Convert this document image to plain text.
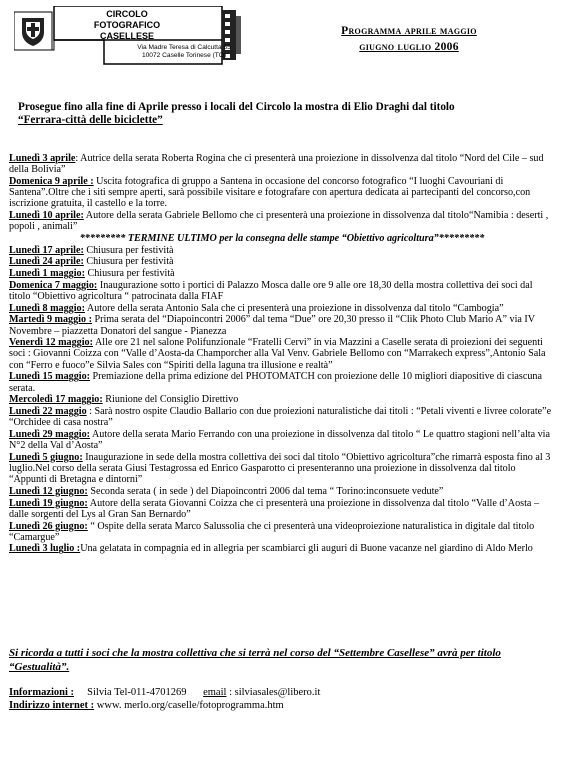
CIRCOLO
FOTOGRAFICO
CASELLESE
Via Madre Teresa di Calcutta 55
10072 Caselle Torinese (TO)
Programma aprile maggio
giugno luglio 2006
Prosegue fino alla fine di Aprile presso i locali del Circolo la mostra di Elio Draghi dal titolo
“Ferrara-città delle biciclette”
Lunedì 3 aprile: Autrice della serata Roberta Rogina che ci presenterà una proiezione in dissolvenza dal titolo “Nord del Cile – sud della Bolivia”
Domenica 9 aprile : Uscita fotografica di gruppo a Santena in occasione del concorso fotografico “I luoghi Cavouriani di Santena”.Oltre che i siti sempre aperti, sarà possibile visitare e fotografare con apertura dedicata ai partecipanti del concorso,con iscrizione gratuita, il castello e la torre.
Lunedì 10 aprile: Autore della serata Gabriele Bellomo che ci presenterà una proiezione in dissolvenza dal titolo“Namibia : deserti , popoli , animali”
********* TERMINE ULTIMO per la consegna delle stampe “Obiettivo agricoltura”*********
Lunedì 17 aprile: Chiusura per festività
Lunedì 24 aprile: Chiusura per festività
Lunedì 1 maggio: Chiusura per festività
Domenica 7 maggio: Inaugurazione sotto i portici di Palazzo Mosca dalle ore 9 alle ore 18,30 della mostra collettiva dei soci dal titolo “Obiettivo agricoltura “ patrocinata dalla FIAF
Lunedì 8 maggio: Autore della serata Antonio Sala che ci presenterà una proiezione in dissolvenza dal titolo “Cambogia”
Martedì 9 maggio : Prima serata del “Diapoincontri 2006” dal tema “Due” ore 20,30 presso il “Clik Photo Club Mario A” via IV Novembre – piazzetta Donatori del sangue - Pianezza
Venerdì 12 maggio: Alle ore 21 nel salone Polifunzionale “Fratelli Cervi” in via Mazzini a Caselle serata di proiezioni dei seguenti soci : Giovanni Coizza con “Valle d’Aosta-da Champorcher alla Val Venv. Gabriele Bellomo con “Marrakech express”,Antonio Sala con “Ferro e fuoco”e Silvia Sales con “Spiriti della laguna tra illusione e realtà”
Lunedì 15 maggio: Premiazione della prima edizione del PHOTOMATCH con proiezione delle 10 migliori diapositive di ciascuna serata.
Mercoledì 17 maggio: Riunione del Consiglio Direttivo
Lunedì 22 maggio : Sarà nostro ospite Claudio Ballario con due proiezioni naturalistiche dai titoli : “Petali viventi e livree colorate”e “Orchidee di casa nostra”
Lunedì 29 maggio: Autore della serata Mario Ferrando con una proiezione in dissolvenza dal titolo “ Le quattro stagioni nell’alta via N°2 della Val d’Aosta”
Lunedì 5 giugno: Inaugurazione in sede della mostra collettiva dei soci dal titolo “Obiettivo agricoltura”che rimarrà esposta fino al 3 luglio.Nel corso della serata Giusi Testagrossa ed Enrico Gasparotto ci presenteranno una proiezione in dissolvenza dal titolo “Appunti di Bretagna e dintorni”
Lunedì 12 giugno: Seconda serata ( in sede ) del Diapoincontri 2006 dal tema “ Torino:inconsuete vedute”
Lunedì 19 giugno: Autore della serata Giovanni Coizza che ci presenterà una proiezione in dissolvenza dal titolo “Valle d’Aosta –dalle sorgenti del Lys al Gran San Bernardo”
Lunedì 26 giugno: “ Ospite della serata Marco Salussolia che ci presenterà una videoproiezione naturalistica in digitale dal titolo “Camargue”
Lunedì 3 luglio :Una gelatata in compagnia ed in allegria per scambiarci gli auguri di Buone vacanze nel giardino di Aldo Merlo
Si ricorda a tutti i soci che la mostra collettiva che si terrà nel corso del “Settembre Casellese” avrà per titolo “Gestualità”.
Informazioni : Silvia Tel-011-4701269 email : silviasales@libero.it
Indirizzo internet : www. merlo.org/caselle/fotoprogramma.htm
